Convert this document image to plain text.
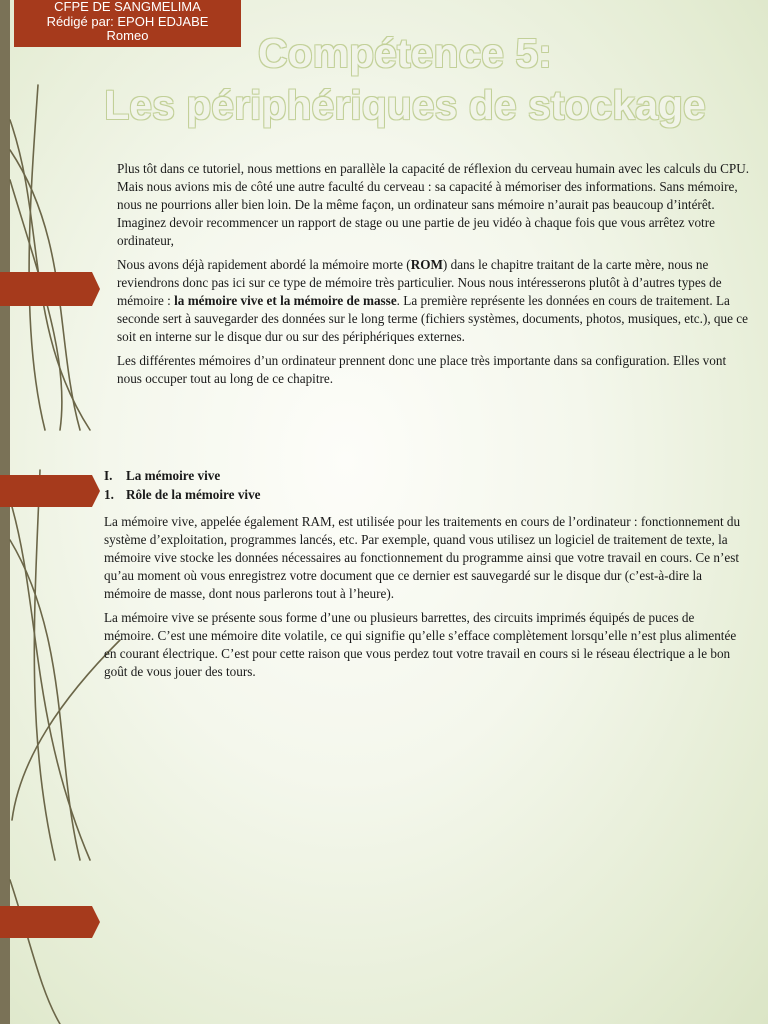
CFPE DE SANGMELIMA
Rédigé par: EPOH EDJABE
Romeo	Compétence 5:
Les périphériques de stockage

Plus tôt dans ce tutoriel, nous mettions en parallèle la capacité de réflexion du cerveau humain avec les calculs du CPU. Mais nous avions mis de côté une autre faculté du cerveau : sa capacité à mémoriser des informations. Sans mémoire, nous ne pourrions aller bien loin. De la même façon, un ordinateur sans mémoire n’aurait pas beaucoup d’intérêt. Imaginez devoir recommencer un rapport de stage ou une partie de jeu vidéo à chaque fois que vous arrêtez votre ordinateur,

Nous avons déjà rapidement abordé la mémoire morte (ROM) dans le chapitre traitant de la carte mère, nous ne reviendrons donc pas ici sur ce type de mémoire très particulier. Nous nous intéresserons plutôt à d’autres types de mémoire : la mémoire vive et la mémoire de masse. La première représente les données en cours de traitement. La seconde sert à sauvegarder des données sur le long terme (fichiers systèmes, documents, photos, musiques, etc.), que ce soit en interne sur le disque dur ou sur des périphériques externes.

Les différentes mémoires d’un ordinateur prennent donc une place très importante dans sa configuration. Elles vont nous occuper tout au long de ce chapitre.

I. La mémoire vive
1. Rôle de la mémoire vive

La mémoire vive, appelée également RAM, est utilisée pour les traitements en cours de l’ordinateur : fonctionnement du système d’exploitation, programmes lancés, etc. Par exemple, quand vous utilisez un logiciel de traitement de texte, la mémoire vive stocke les données nécessaires au fonctionnement du programme ainsi que votre travail en cours. Ce n’est qu’au moment où vous enregistrez votre document que ce dernier est sauvegardé sur le disque dur (c’est-à-dire la mémoire de masse, dont nous parlerons tout à l’heure).

La mémoire vive se présente sous forme d’une ou plusieurs barrettes, des circuits imprimés équipés de puces de mémoire. C’est une mémoire dite volatile, ce qui signifie qu’elle s’efface complètement lorsqu’elle n’est plus alimentée en courant électrique. C’est pour cette raison que vous perdez tout votre travail en cours si le réseau électrique a le bon goût de vous jouer des tours.
